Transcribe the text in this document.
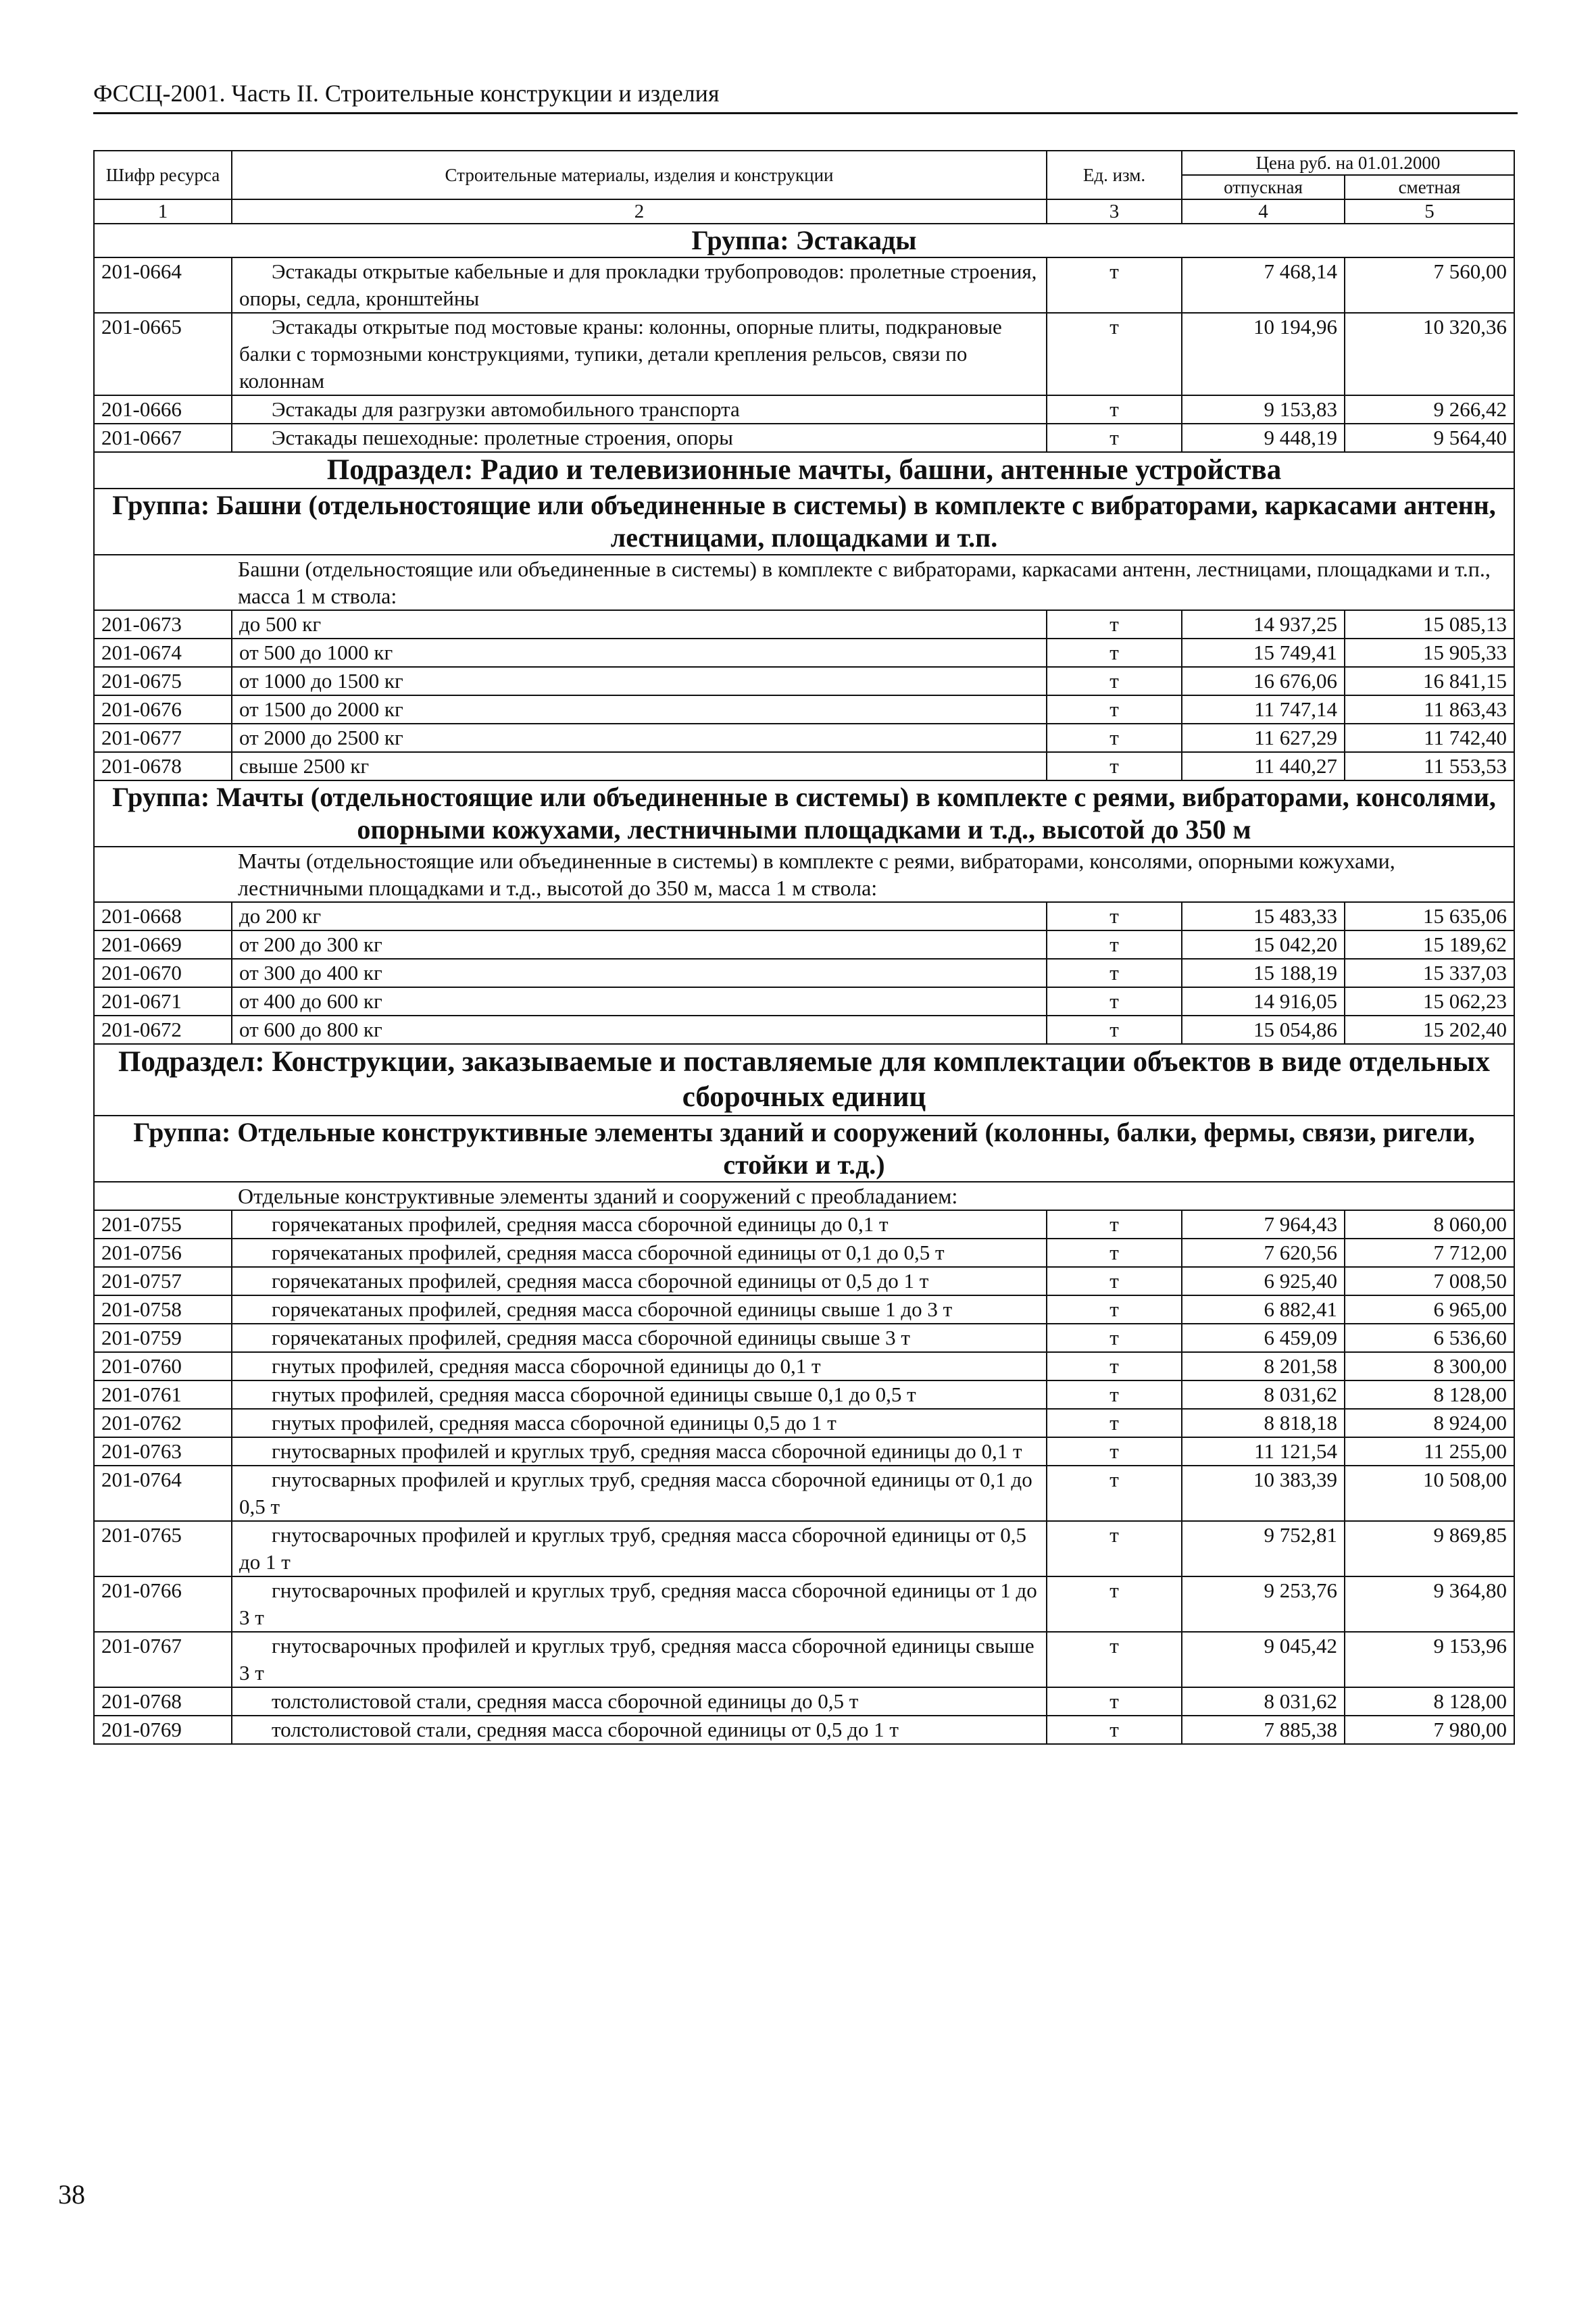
ФССЦ-2001. Часть II. Строительные конструкции и изделия
Шифр ресурса	Строительные материалы, изделия и конструкции	Ед. изм.	Цена руб. на 01.01.2000	
			отпускная	сметная
1	2	3	4	5
Группа: Эстакады				
201-0664	Эстакады открытые кабельные и для прокладки трубопроводов: пролетные строения, опоры, седла, кронштейны	т	7 468,14	7 560,00
201-0665	Эстакады открытые под мостовые краны: колонны, опорные плиты, подкрановые балки с тормозными конструкциями, тупики, детали крепления рельсов, связи по колоннам	т	10 194,96	10 320,36
201-0666	Эстакады для разгрузки автомобильного транспорта	т	9 153,83	9 266,42
201-0667	Эстакады пешеходные: пролетные строения, опоры	т	9 448,19	9 564,40
Подраздел: Радио и телевизионные мачты, башни, антенные устройства				
Группа: Башни (отдельностоящие или объединенные в системы) в комплекте с вибраторами, каркасами антенн, лестницами, площадками и т.п.				
Башни (отдельностоящие или объединенные в системы) в комплекте с вибраторами, каркасами антенн, лестницами, площадками и т.п., масса 1 м ствола:				
201-0673	до 500 кг	т	14 937,25	15 085,13
201-0674	от 500 до 1000 кг	т	15 749,41	15 905,33
201-0675	от 1000 до 1500 кг	т	16 676,06	16 841,15
201-0676	от 1500 до 2000 кг	т	11 747,14	11 863,43
201-0677	от 2000 до 2500 кг	т	11 627,29	11 742,40
201-0678	свыше 2500 кг	т	11 440,27	11 553,53
Группа: Мачты (отдельностоящие или объединенные в системы) в комплекте с реями, вибраторами, консолями, опорными кожухами, лестничными площадками и т.д., высотой до 350 м				
Мачты (отдельностоящие или объединенные в системы) в комплекте с реями, вибраторами, консолями, опорными кожухами, лестничными площадками и т.д., высотой до 350 м, масса 1 м ствола:				
201-0668	до 200 кг	т	15 483,33	15 635,06
201-0669	от 200 до 300 кг	т	15 042,20	15 189,62
201-0670	от 300 до 400 кг	т	15 188,19	15 337,03
201-0671	от 400 до 600 кг	т	14 916,05	15 062,23
201-0672	от 600 до 800 кг	т	15 054,86	15 202,40
Подраздел: Конструкции, заказываемые и поставляемые для комплектации объектов в виде отдельных сборочных единиц				
Группа: Отдельные конструктивные элементы зданий и сооружений (колонны, балки, фермы, связи, ригели, стойки и т.д.)				
Отдельные конструктивные элементы зданий и сооружений с преобладанием:				
201-0755	горячекатаных профилей, средняя масса сборочной единицы до 0,1 т	т	7 964,43	8 060,00
201-0756	горячекатаных профилей, средняя масса сборочной единицы от 0,1 до 0,5 т	т	7 620,56	7 712,00
201-0757	горячекатаных профилей, средняя масса сборочной единицы от 0,5 до 1 т	т	6 925,40	7 008,50
201-0758	горячекатаных профилей, средняя масса сборочной единицы свыше 1 до 3 т	т	6 882,41	6 965,00
201-0759	горячекатаных профилей, средняя масса сборочной единицы свыше 3 т	т	6 459,09	6 536,60
201-0760	гнутых профилей, средняя масса сборочной единицы до 0,1 т	т	8 201,58	8 300,00
201-0761	гнутых профилей, средняя масса сборочной единицы свыше 0,1 до 0,5 т	т	8 031,62	8 128,00
201-0762	гнутых профилей, средняя масса сборочной единицы 0,5 до 1 т	т	8 818,18	8 924,00
201-0763	гнутосварных профилей и круглых труб, средняя масса сборочной единицы до 0,1 т	т	11 121,54	11 255,00
201-0764	гнутосварных профилей и круглых труб, средняя масса сборочной единицы от 0,1 до 0,5 т	т	10 383,39	10 508,00
201-0765	гнутосварочных профилей и круглых труб, средняя масса сборочной единицы от 0,5 до 1 т	т	9 752,81	9 869,85
201-0766	гнутосварочных профилей и круглых труб, средняя масса сборочной единицы от 1 до 3 т	т	9 253,76	9 364,80
201-0767	гнутосварочных профилей и круглых труб, средняя масса сборочной единицы свыше 3 т	т	9 045,42	9 153,96
201-0768	толстолистовой стали, средняя масса сборочной единицы до 0,5 т	т	8 031,62	8 128,00
201-0769	толстолистовой стали, средняя масса сборочной единицы от 0,5 до 1 т	т	7 885,38	7 980,00
38
